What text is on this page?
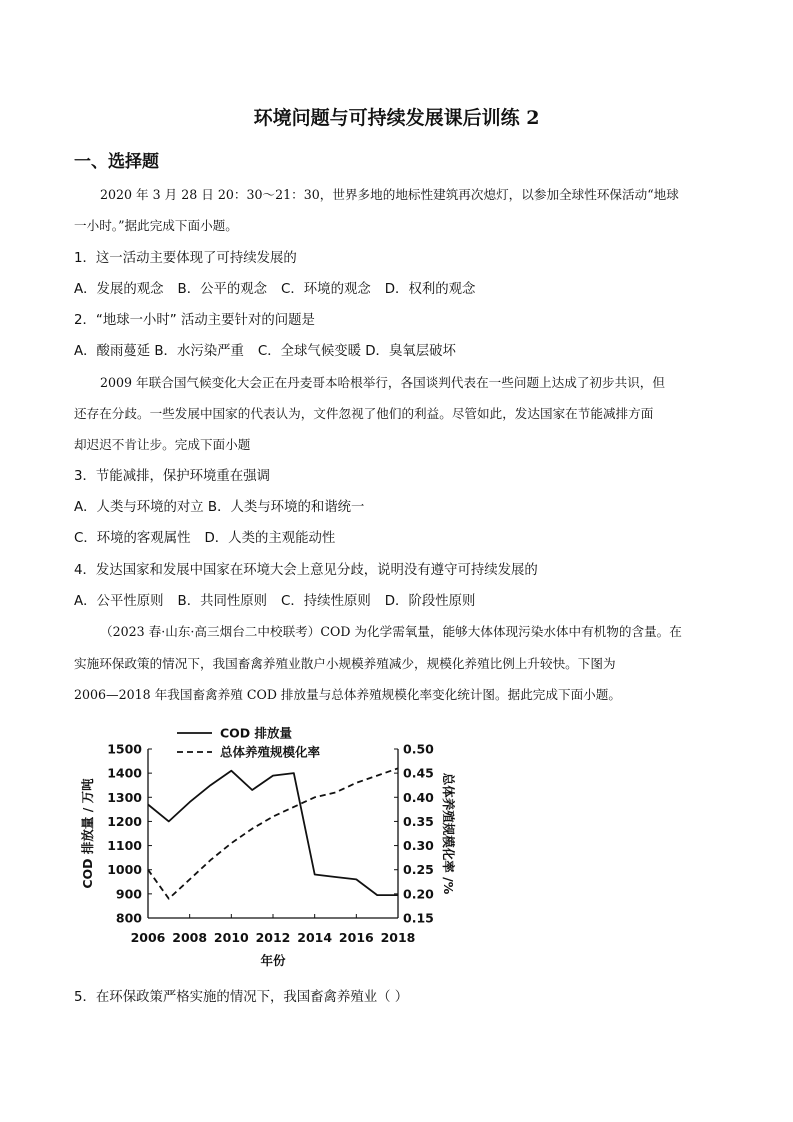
环境问题与可持续发展课后训练 2
一、选择题
2020 年 3 月 28 日 20：30～21：30，世界多地的地标性建筑再次熄灯，以参加全球性环保活动“地球
一小时。”据此完成下面小题。
1．这一活动主要体现了可持续发展的
A．发展的观念 B．公平的观念 C．环境的观念 D．权利的观念
2．“地球一小时” 活动主要针对的问题是
A．酸雨蔓延 B．水污染严重 C．全球气候变暖 D．臭氧层破坏
2009 年联合国气候变化大会正在丹麦哥本哈根举行，各国谈判代表在一些问题上达成了初步共识，但
还存在分歧。一些发展中国家的代表认为，文件忽视了他们的利益。尽管如此，发达国家在节能减排方面
却迟迟不肯让步。完成下面小题
3．节能减排，保护环境重在强调
A．人类与环境的对立 B．人类与环境的和谐统一
C．环境的客观属性 D．人类的主观能动性
4．发达国家和发展中国家在环境大会上意见分歧，说明没有遵守可持续发展的
A．公平性原则 B．共同性原则 C．持续性原则 D．阶段性原则
（2023 春·山东·高三烟台二中校联考）COD 为化学需氧量，能够大体体现污染水体中有机物的含量。在
实施环保政策的情况下，我国畜禽养殖业散户小规模养殖减少，规模化养殖比例上升较快。下图为
2006—2018 年我国畜禽养殖 COD 排放量与总体养殖规模化率变化统计图。据此完成下面小题。
800
900
1000
1100
1200
1300
1400
1500
0.15
0.20
0.25
0.30
0.35
0.40
0.45
0.50
2006 2008 2010 2012 2014 2016 2018
年份
COD 排放量 / 万吨	总体养殖规模化率 /%
COD 排放量
总体养殖规模化率
5．在环保政策严格实施的情况下，我国畜禽养殖业（ ）
